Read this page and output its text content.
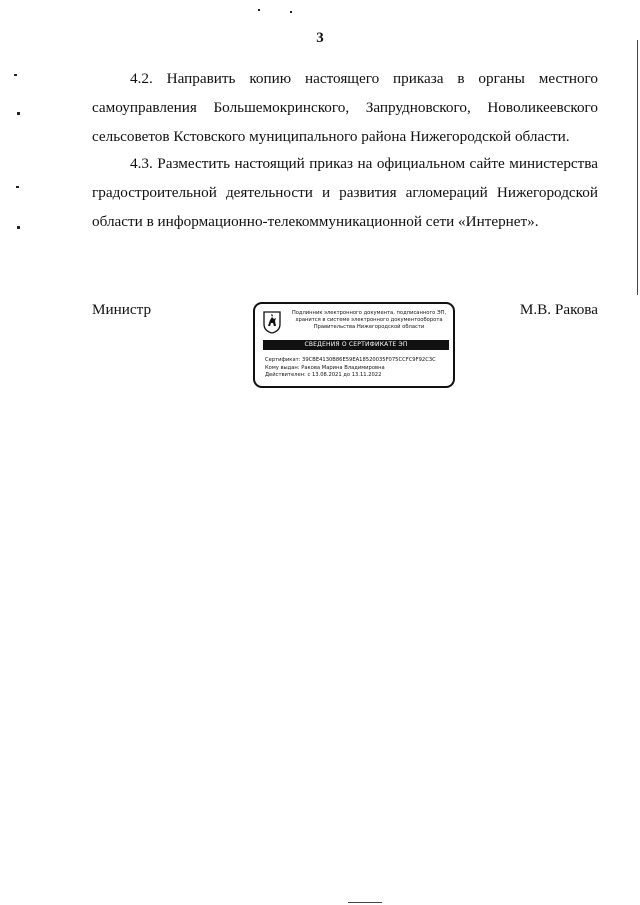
3
4.2. Направить копию настоящего приказа в органы местного
самоуправления Большемокринского, Запрудновского, Новоликеевского
сельсоветов Кстовского муниципального района Нижегородской области.
4.3. Разместить настоящий приказ на официальном сайте министерства
градостроительной деятельности и развития агломераций Нижегородской
области в информационно-телекоммуникационной сети «Интернет».
Министр	М.В. Ракова
Подлинник электронного документа, подписанного ЭП,
хранится в системе электронного документооборота
Правительства Нижегородской области
СВЕДЕНИЯ О СЕРТИФИКАТЕ ЭП
Сертификат: 39CBE4130B86E59EA18520035F075CCFC9F92C3C
Кому выдан: Ракова Марина Владимировна
Действителен: с 13.08.2021 до 13.11.2022
